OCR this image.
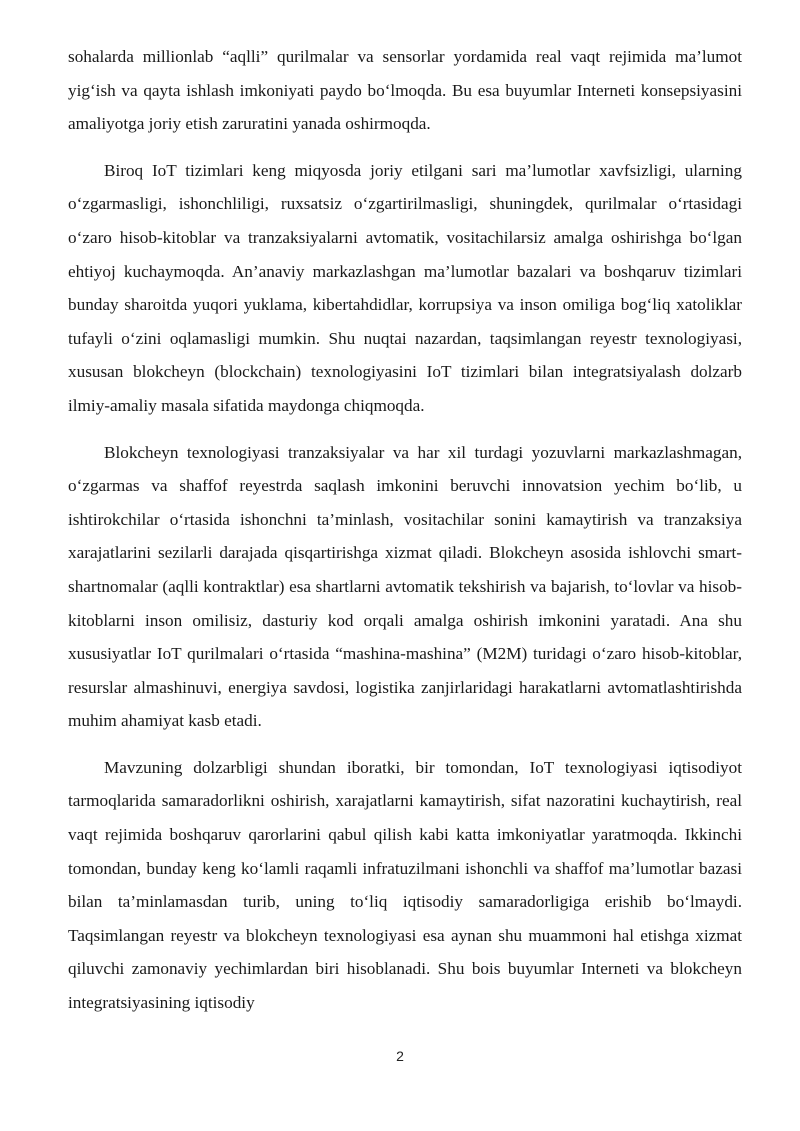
sohalarda millionlab “aqlli” qurilmalar va sensorlar yordamida real vaqt rejimida ma’lumot yig‘ish va qayta ishlash imkoniyati paydo bo‘lmoqda. Bu esa buyumlar Interneti konsepsiyasini amaliyotga joriy etish zaruratini yanada oshirmoqda.

Biroq IoT tizimlari keng miqyosda joriy etilgani sari ma’lumotlar xavfsizligi, ularning o‘zgarmasligi, ishonchliligi, ruxsatsiz o‘zgartirilmasligi, shuningdek, qurilmalar o‘rtasidagi o‘zaro hisob-kitoblar va tranzaksiyalarni avtomatik, vositachilarsiz amalga oshirishga bo‘lgan ehtiyoj kuchaymoqda. An’anaviy markazlashgan ma’lumotlar bazalari va boshqaruv tizimlari bunday sharoitda yuqori yuklama, kibertahdidlar, korrupsiya va inson omiliga bog‘liq xatoliklar tufayli o‘zini oqlamasligi mumkin. Shu nuqtai nazardan, taqsimlangan reyestr texnologiyasi, xususan blokcheyn (blockchain) texnologiyasini IoT tizimlari bilan integratsiyalash dolzarb ilmiy-amaliy masala sifatida maydonga chiqmoqda.

Blokcheyn texnologiyasi tranzaksiyalar va har xil turdagi yozuvlarni markazlashmagan, o‘zgarmas va shaffof reyestrda saqlash imkonini beruvchi innovatsion yechim bo‘lib, u ishtirokchilar o‘rtasida ishonchni ta’minlash, vositachilar sonini kamaytirish va tranzaksiya xarajatlarini sezilarli darajada qisqartirishga xizmat qiladi. Blokcheyn asosida ishlovchi smart-shartnomalar (aqlli kontraktlar) esa shartlarni avtomatik tekshirish va bajarish, to‘lovlar va hisob-kitoblarni inson omilisiz, dasturiy kod orqali amalga oshirish imkonini yaratadi. Ana shu xususiyatlar IoT qurilmalari o‘rtasida “mashina-mashina” (M2M) turidagi o‘zaro hisob-kitoblar, resurslar almashinuvi, energiya savdosi, logistika zanjirlaridagi harakatlarni avtomatlashtirishda muhim ahamiyat kasb etadi.

Mavzuning dolzarbligi shundan iboratki, bir tomondan, IoT texnologiyasi iqtisodiyot tarmoqlarida samaradorlikni oshirish, xarajatlarni kamaytirish, sifat nazoratini kuchaytirish, real vaqt rejimida boshqaruv qarorlarini qabul qilish kabi katta imkoniyatlar yaratmoqda. Ikkinchi tomondan, bunday keng ko‘lamli raqamli infratuzilmani ishonchli va shaffof ma’lumotlar bazasi bilan ta’minlamasdan turib, uning to‘liq iqtisodiy samaradorligiga erishib bo‘lmaydi. Taqsimlangan reyestr va blokcheyn texnologiyasi esa aynan shu muammoni hal etishga xizmat qiluvchi zamonaviy yechimlardan biri hisoblanadi. Shu bois buyumlar Interneti va blokcheyn integratsiyasining iqtisodiy

2
